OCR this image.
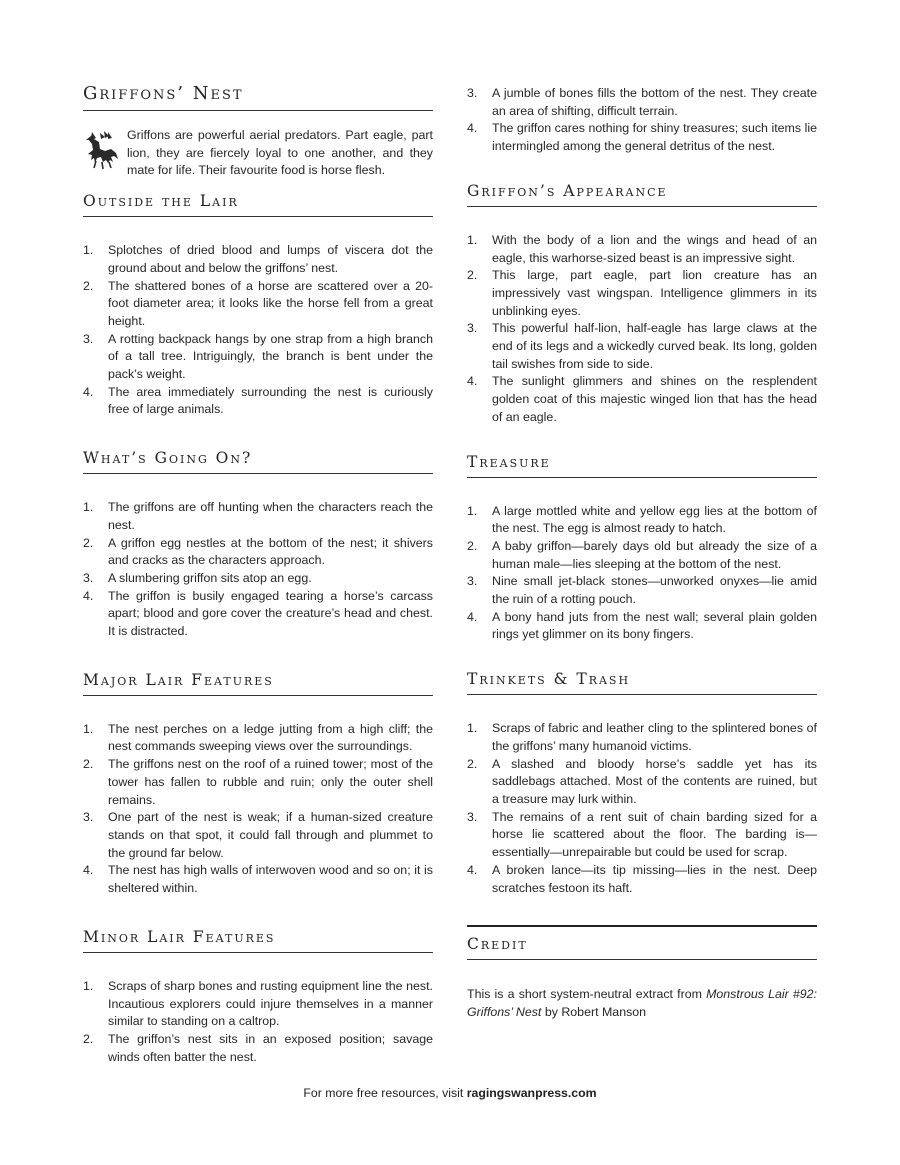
Griffons’ Nest

Griffons are powerful aerial predators. Part eagle, part lion, they are fiercely loyal to one another, and they mate for life. Their favourite food is horse flesh.

Outside the Lair
1. Splotches of dried blood and lumps of viscera dot the ground about and below the griffons’ nest.
2. The shattered bones of a horse are scattered over a 20-foot diameter area; it looks like the horse fell from a great height.
3. A rotting backpack hangs by one strap from a high branch of a tall tree. Intriguingly, the branch is bent under the pack’s weight.
4. The area immediately surrounding the nest is curiously free of large animals.
What’s Going On?
1. The griffons are off hunting when the characters reach the nest.
2. A griffon egg nestles at the bottom of the nest; it shivers and cracks as the characters approach.
3. A slumbering griffon sits atop an egg.
4. The griffon is busily engaged tearing a horse’s carcass apart; blood and gore cover the creature’s head and chest. It is distracted.
Major Lair Features
1. The nest perches on a ledge jutting from a high cliff; the nest commands sweeping views over the surroundings.
2. The griffons nest on the roof of a ruined tower; most of the tower has fallen to rubble and ruin; only the outer shell remains.
3. One part of the nest is weak; if a human-sized creature stands on that spot, it could fall through and plummet to the ground far below.
4. The nest has high walls of interwoven wood and so on; it is sheltered within.
Minor Lair Features
1. Scraps of sharp bones and rusting equipment line the nest. Incautious explorers could injure themselves in a manner similar to standing on a caltrop.
2. The griffon’s nest sits in an exposed position; savage winds often batter the nest.
3. A jumble of bones fills the bottom of the nest. They create an area of shifting, difficult terrain.
4. The griffon cares nothing for shiny treasures; such items lie intermingled among the general detritus of the nest.
Griffon’s Appearance
1. With the body of a lion and the wings and head of an eagle, this warhorse-sized beast is an impressive sight.
2. This large, part eagle, part lion creature has an impressively vast wingspan. Intelligence glimmers in its unblinking eyes.
3. This powerful half-lion, half-eagle has large claws at the end of its legs and a wickedly curved beak. Its long, golden tail swishes from side to side.
4. The sunlight glimmers and shines on the resplendent golden coat of this majestic winged lion that has the head of an eagle.
Treasure
1. A large mottled white and yellow egg lies at the bottom of the nest. The egg is almost ready to hatch.
2. A baby griffon—barely days old but already the size of a human male—lies sleeping at the bottom of the nest.
3. Nine small jet-black stones—unworked onyxes—lie amid the ruin of a rotting pouch.
4. A bony hand juts from the nest wall; several plain golden rings yet glimmer on its bony fingers.
Trinkets & Trash
1. Scraps of fabric and leather cling to the splintered bones of the griffons’ many humanoid victims.
2. A slashed and bloody horse’s saddle yet has its saddlebags attached. Most of the contents are ruined, but a treasure may lurk within.
3. The remains of a rent suit of chain barding sized for a horse lie scattered about the floor. The barding is—essentially—unrepairable but could be used for scrap.
4. A broken lance—its tip missing—lies in the nest. Deep scratches festoon its haft.
Credit

This is a short system-neutral extract from Monstrous Lair #92: Griffons’ Nest by Robert Manson

For more free resources, visit ragingswanpress.com
